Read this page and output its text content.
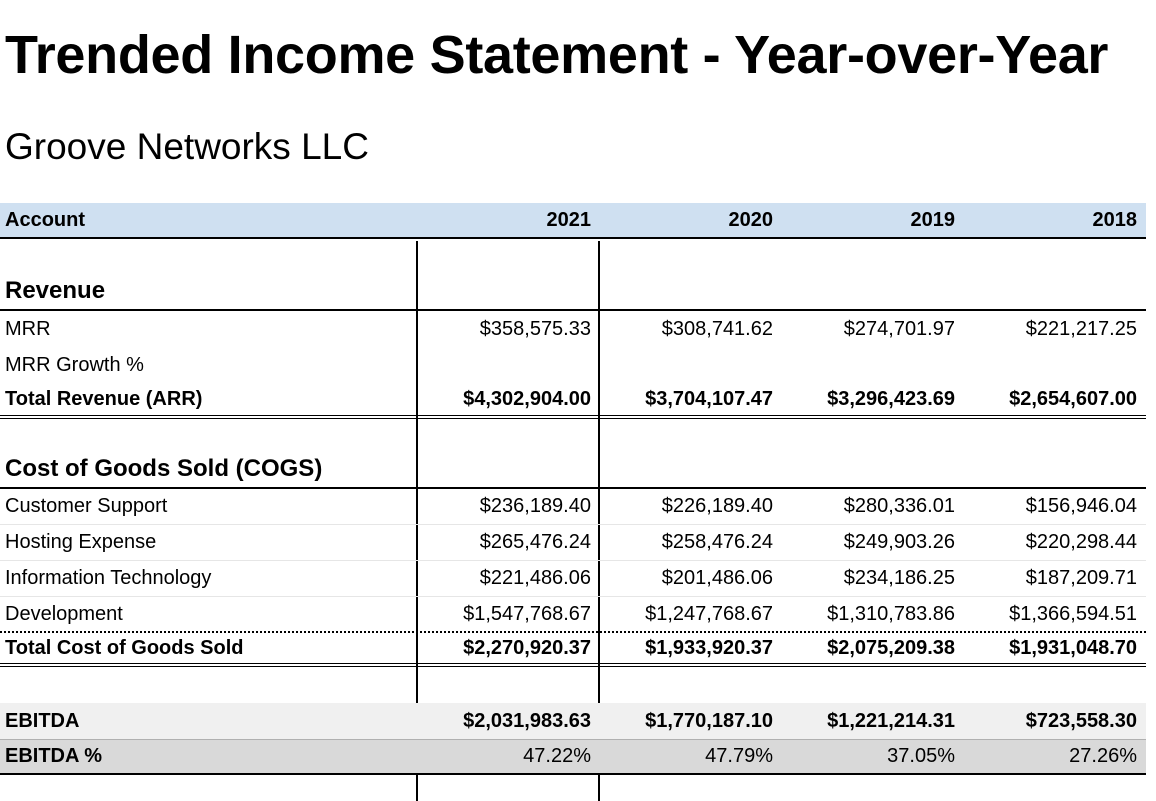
Trended Income Statement - Year-over-Year
Groove Networks LLC
Account	2021	2020	2019	2018
Revenue
MRR	$358,575.33	$308,741.62	$274,701.97	$221,217.25
MRR Growth %
Total Revenue (ARR)	$4,302,904.00	$3,704,107.47	$3,296,423.69	$2,654,607.00
Cost of Goods Sold (COGS)
Customer Support	$236,189.40	$226,189.40	$280,336.01	$156,946.04
Hosting Expense	$265,476.24	$258,476.24	$249,903.26	$220,298.44
Information Technology	$221,486.06	$201,486.06	$234,186.25	$187,209.71
Development	$1,547,768.67	$1,247,768.67	$1,310,783.86	$1,366,594.51
Total Cost of Goods Sold	$2,270,920.37	$1,933,920.37	$2,075,209.38	$1,931,048.70
EBITDA	$2,031,983.63	$1,770,187.10	$1,221,214.31	$723,558.30
EBITDA %	47.22%	47.79%	37.05%	27.26%
